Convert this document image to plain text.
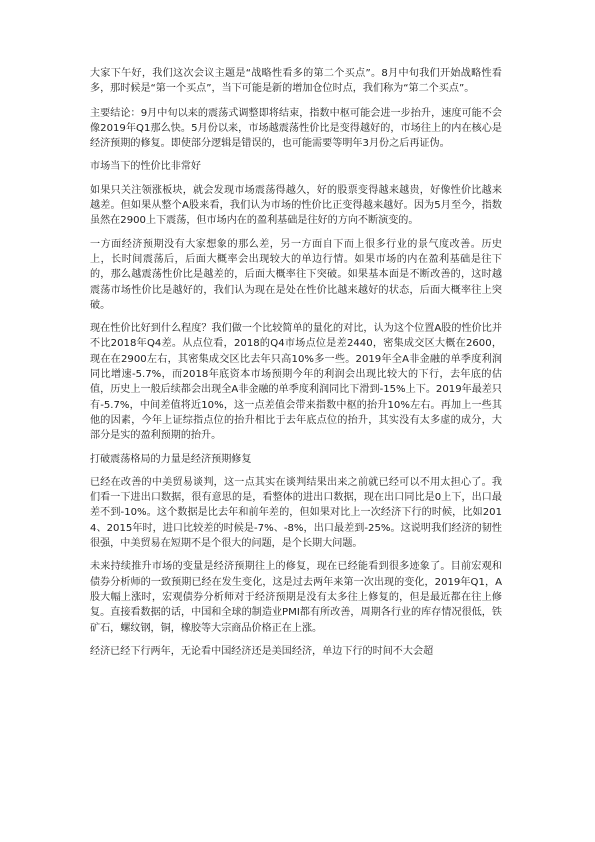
大家下午好，我们这次会议主题是“战略性看多的第二个买点”。8月中旬我们开始战略性看多，那时候是“第一个买点”，当下可能是新的增加仓位时点，我们称为“第二个买点”。

主要结论：9月中旬以来的震荡式调整即将结束，指数中枢可能会进一步抬升，速度可能不会像2019年Q1那么快。5月份以来，市场越震荡性价比是变得越好的，市场往上的内在核心是经济预期的修复。即使部分逻辑是错误的，也可能需要等明年3月份之后再证伪。

市场当下的性价比非常好

如果只关注领涨板块，就会发现市场震荡得越久，好的股票变得越来越贵，好像性价比越来越差。但如果从整个A股来看，我们认为市场的性价比正变得越来越好。因为5月至今，指数虽然在2900上下震荡，但市场内在的盈利基础是往好的方向不断演变的。

一方面经济预期没有大家想象的那么差，另一方面自下而上很多行业的景气度改善。历史上，长时间震荡后，后面大概率会出现较大的单边行情。如果市场的内在盈利基础是往下的，那么越震荡性价比是越差的，后面大概率往下突破。如果基本面是不断改善的，这时越震荡市场性价比是越好的，我们认为现在是处在性价比越来越好的状态，后面大概率往上突破。

现在性价比好到什么程度？我们做一个比较简单的量化的对比，认为这个位置A股的性价比并不比2018年Q4差。从点位看，2018的Q4市场点位是差2440，密集成交区大概在2600，现在在2900左右，其密集成交区比去年只高10%多一些。2019年全A非金融的单季度利润同比增速-5.7%，而2018年底资本市场预期今年的利润会出现比较大的下行，去年底的估值，历史上一般后续都会出现全A非金融的单季度利润同比下滑到-15%上下。2019年最差只有-5.7%，中间差值将近10%，这一点差值会带来指数中枢的抬升10%左右。再加上一些其他的因素，今年上证综指点位的抬升相比于去年底点位的抬升，其实没有太多虚的成分，大部分是实的盈利预期的抬升。

打破震荡格局的力量是经济预期修复

已经在改善的中美贸易谈判，这一点其实在谈判结果出来之前就已经可以不用太担心了。我们看一下进出口数据，很有意思的是，看整体的进出口数据，现在出口同比是0上下，出口最差不到-10%。这个数据是比去年和前年差的，但如果对比上一次经济下行的时候，比如2014、2015年时，进口比较差的时候是-7%、-8%，出口最差到-25%。这说明我们经济的韧性很强，中美贸易在短期不是个很大的问题，是个长期大问题。

未来持续推升市场的变量是经济预期往上的修复，现在已经能看到很多迹象了。目前宏观和债券分析师的一致预期已经在发生变化，这是过去两年来第一次出现的变化，2019年Q1，A股大幅上涨时，宏观债券分析师对于经济预期是没有太多往上修复的，但是最近都在往上修复。直接看数据的话，中国和全球的制造业PMI都有所改善，周期各行业的库存情况很低，铁矿石，螺纹钢，铜，橡胶等大宗商品价格正在上涨。

经济已经下行两年，无论看中国经济还是美国经济，单边下行的时间不大会超
